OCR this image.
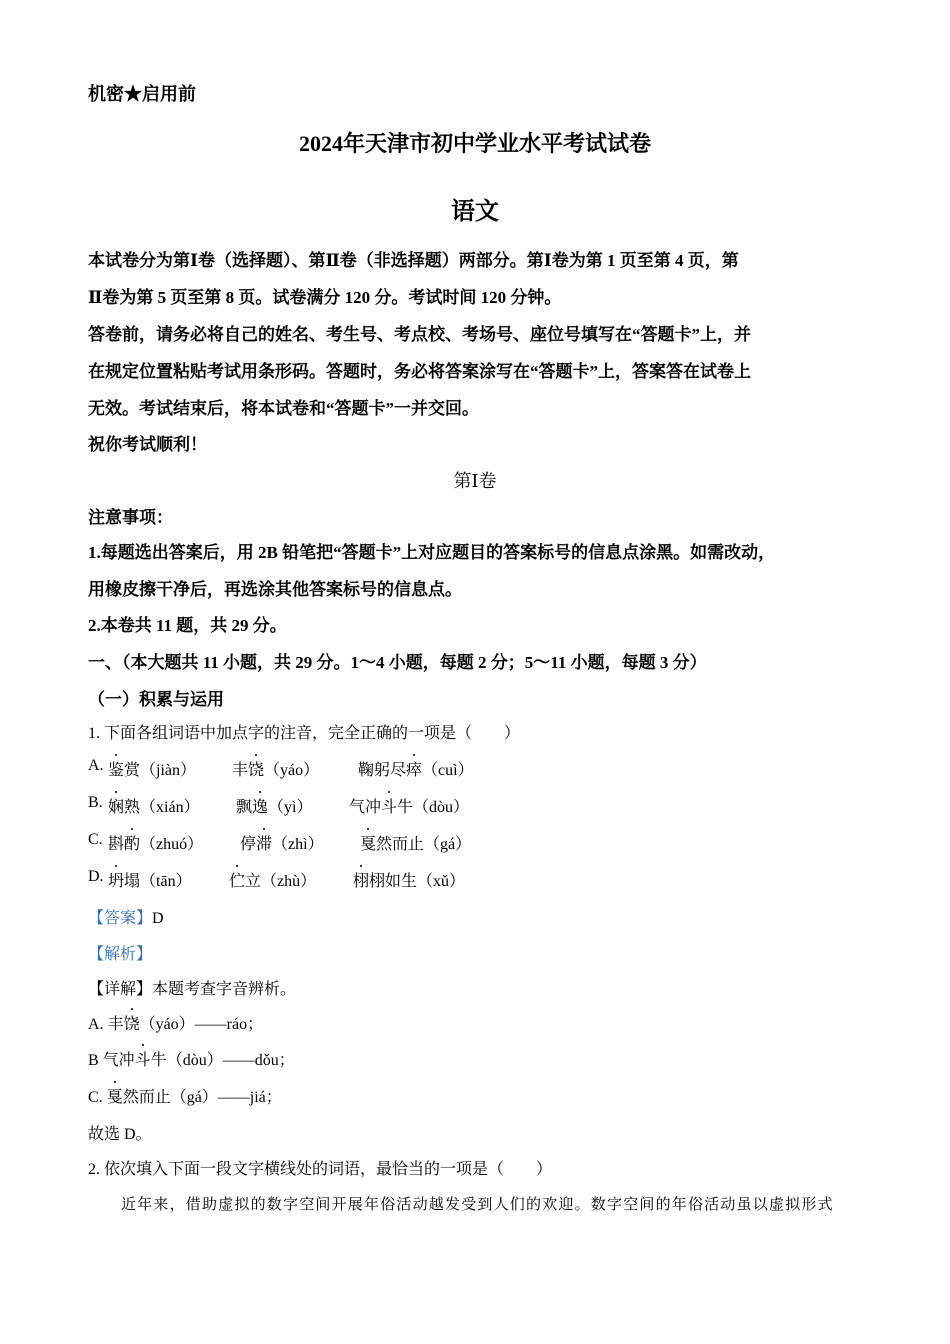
机密★启用前
2024年天津市初中学业水平考试试卷
语文
本试卷分为第Ⅰ卷（选择题）、第Ⅱ卷（非选择题）两部分。第Ⅰ卷为第 1 页至第 4 页，第
Ⅱ卷为第 5 页至第 8 页。试卷满分 120 分。考试时间 120 分钟。
答卷前，请务必将自己的姓名、考生号、考点校、考场号、座位号填写在“答题卡”上，并
在规定位置粘贴考试用条形码。答题时，务必将答案涂写在“答题卡”上，答案答在试卷上
无效。考试结束后，将本试卷和“答题卡”一并交回。
祝你考试顺利！
第Ⅰ卷
注意事项：
1.每题选出答案后，用 2B 铅笔把“答题卡”上对应题目的答案标号的信息点涂黑。如需改动，
用橡皮擦干净后，再选涂其他答案标号的信息点。
2.本卷共 11 题，共 29 分。
一、（本大题共 11 小题，共 29 分。1～4 小题，每题 2 分；5～11 小题，每题 3 分）
（一）积累与运用
1. 下面各组词语中加点字的注音，完全正确的一项是（　　）
A. 鉴赏（jiàn） 丰饶（yáo） 鞠躬尽瘁（cuì）
B. 娴熟（xián） 飘逸（yì） 气冲斗牛（dòu）
C. 斟酌（zhuó） 停滞（zhì） 戛然而止（gá）
D. 坍塌（tān） 伫立（zhù） 栩栩如生（xǔ）
【答案】D
【解析】
【详解】本题考查字音辨析。
A. 丰饶（yáo）——ráo；
B 气冲斗牛（dòu）——dǒu；
C. 戛然而止（gá）——jiá；
故选 D。
2. 依次填入下面一段文字横线处的词语，最恰当的一项是（　　）
近年来，借助虚拟的数字空间开展年俗活动越发受到人们的欢迎。数字空间的年俗活动虽以虚拟形式
